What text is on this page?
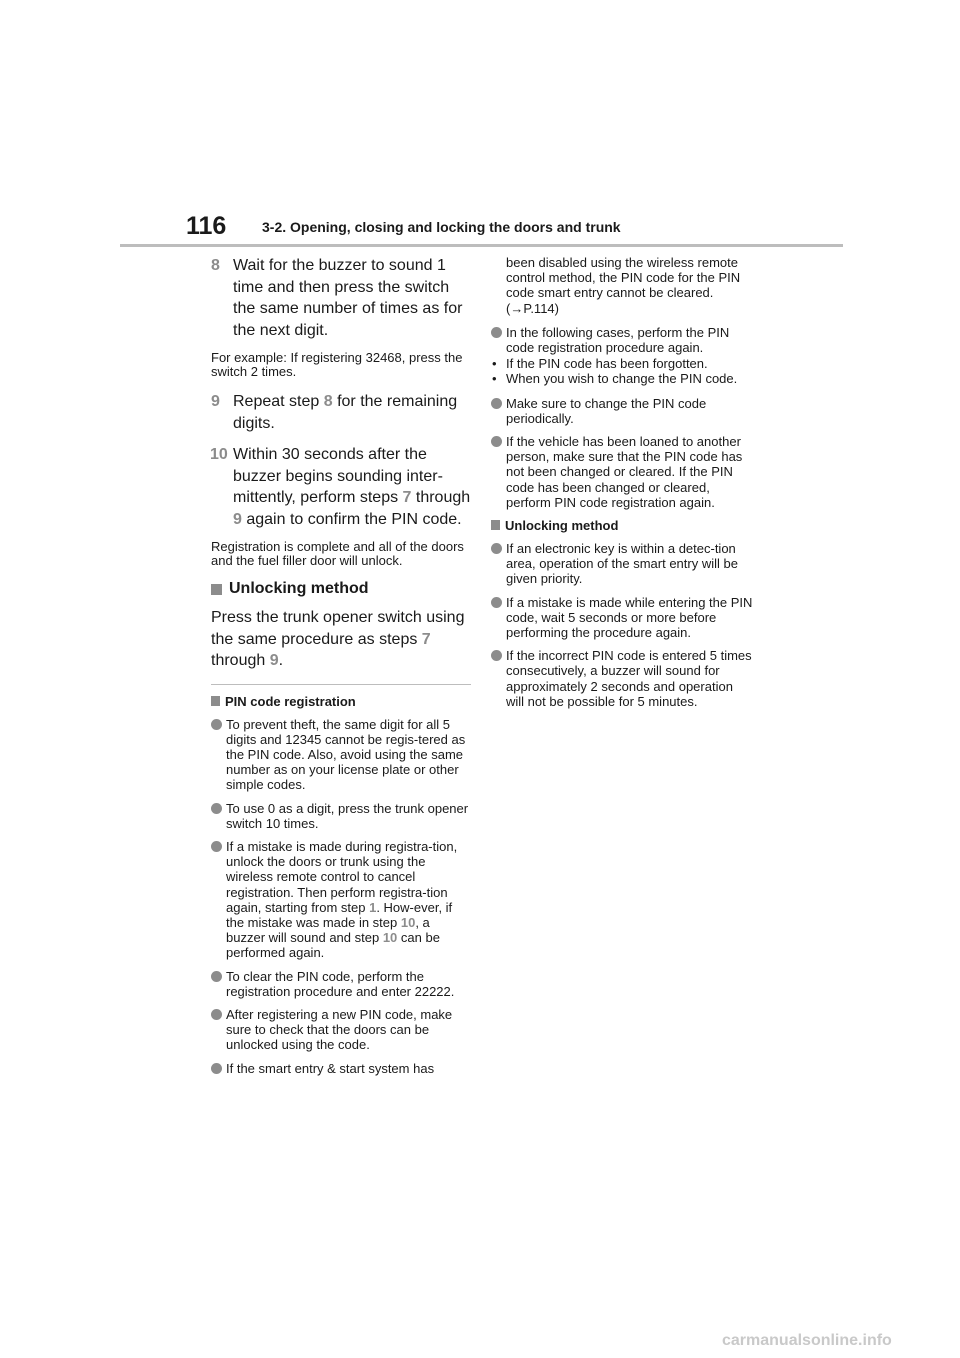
116	3-2. Opening, closing and locking the doors and trunk
8 Wait for the buzzer to sound 1 time and then press the switch the same number of times as for the next digit.

For example: If registering 32468, press the switch 2 times.

9 Repeat step 8 for the remaining digits.
10 Within 30 seconds after the buzzer begins sounding inter-mittently, perform steps 7 through 9 again to confirm the PIN code.

Registration is complete and all of the doors and the fuel filler door will unlock.

Unlocking method

Press the trunk opener switch using the same procedure as steps 7 through 9.

PIN code registration
To prevent theft, the same digit for all 5 digits and 12345 cannot be regis-tered as the PIN code. Also, avoid using the same number as on your license plate or other simple codes.
To use 0 as a digit, press the trunk opener switch 10 times.
If a mistake is made during registra-tion, unlock the doors or trunk using the wireless remote control to cancel registration. Then perform registra-tion again, starting from step 1. How-ever, if the mistake was made in step 10, a buzzer will sound and step 10 can be performed again.
To clear the PIN code, perform the registration procedure and enter 22222.
After registering a new PIN code, make sure to check that the doors can be unlocked using the code.
If the smart entry & start system has
been disabled using the wireless remote control method, the PIN code for the PIN code smart entry cannot be cleared. (→P.114)
In the following cases, perform the PIN code registration procedure again.
• If the PIN code has been forgotten.
• When you wish to change the PIN code.
Make sure to change the PIN code periodically.
If the vehicle has been loaned to another person, make sure that the PIN code has not been changed or cleared. If the PIN code has been changed or cleared, perform PIN code registration again.
Unlocking method
If an electronic key is within a detec-tion area, operation of the smart entry will be given priority.
If a mistake is made while entering the PIN code, wait 5 seconds or more before performing the procedure again.
If the incorrect PIN code is entered 5 times consecutively, a buzzer will sound for approximately 2 seconds and operation will not be possible for 5 minutes.
carmanualsonline.info
